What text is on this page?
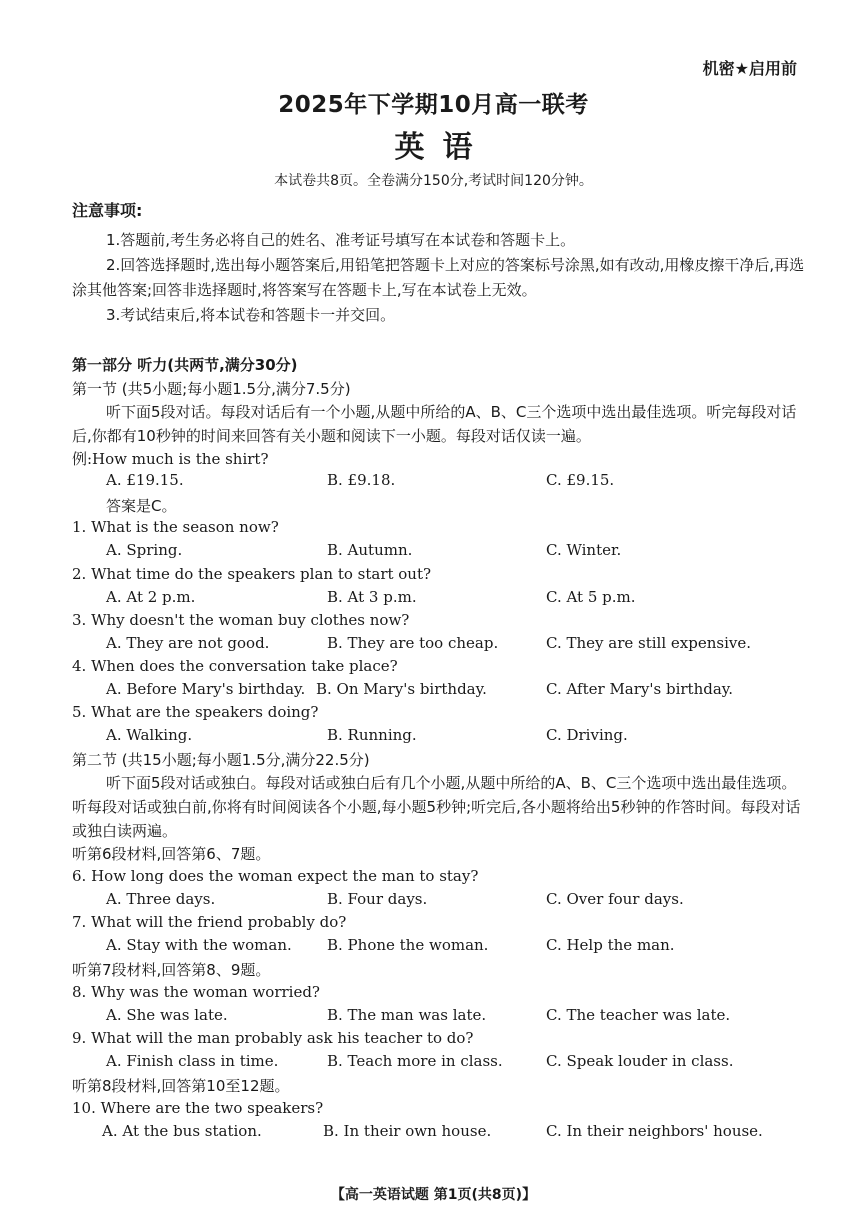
机密★启用前
2025年下学期10月高一联考
英语
本试卷共8页。全卷满分150分,考试时间120分钟。
注意事项:

1.答题前,考生务必将自己的姓名、准考证号填写在本试卷和答题卡上。

2.回答选择题时,选出每小题答案后,用铅笔把答题卡上对应的答案标号涂黑,如有改动,用橡皮擦干净后,再选涂其他答案;回答非选择题时,将答案写在答题卡上,写在本试卷上无效。

3.考试结束后,将本试卷和答题卡一并交回。

第一部分 听力(共两节,满分30分)
第一节 (共5小题;每小题1.5分,满分7.5分)
听下面5段对话。每段对话后有一个小题,从题中所给的A、B、C三个选项中选出最佳选项。听完每段对话后,你都有10秒钟的时间来回答有关小题和阅读下一小题。每段对话仅读一遍。
例:How much is the shirt?
A. £19.15.	B. £9.18.	C. £9.15.
答案是C。
1. What is the season now?
A. Spring.	B. Autumn.	C. Winter.
2. What time do the speakers plan to start out?
A. At 2 p.m.	B. At 3 p.m.	C. At 5 p.m.
3. Why doesn't the woman buy clothes now?
A. They are not good.	B. They are too cheap.	C. They are still expensive.
4. When does the conversation take place?
A. Before Mary's birthday. B. On Mary's birthday.	C. After Mary's birthday.
5. What are the speakers doing?
A. Walking.	B. Running.	C. Driving.
第二节 (共15小题;每小题1.5分,满分22.5分)
听下面5段对话或独白。每段对话或独白后有几个小题,从题中所给的A、B、C三个选项中选出最佳选项。听每段对话或独白前,你将有时间阅读各个小题,每小题5秒钟;听完后,各小题将给出5秒钟的作答时间。每段对话或独白读两遍。
听第6段材料,回答第6、7题。
6. How long does the woman expect the man to stay?
A. Three days.	B. Four days.	C. Over four days.
7. What will the friend probably do?
A. Stay with the woman. B. Phone the woman.	C. Help the man.
听第7段材料,回答第8、9题。
8. Why was the woman worried?
A. She was late.	B. The man was late.	C. The teacher was late.
9. What will the man probably ask his teacher to do?
A. Finish class in time.	B. Teach more in class.	C. Speak louder in class.
听第8段材料,回答第10至12题。
10. Where are the two speakers?
A. At the bus station.	B. In their own house.	C. In their neighbors' house.
【高一英语试题 第1页(共8页)】
